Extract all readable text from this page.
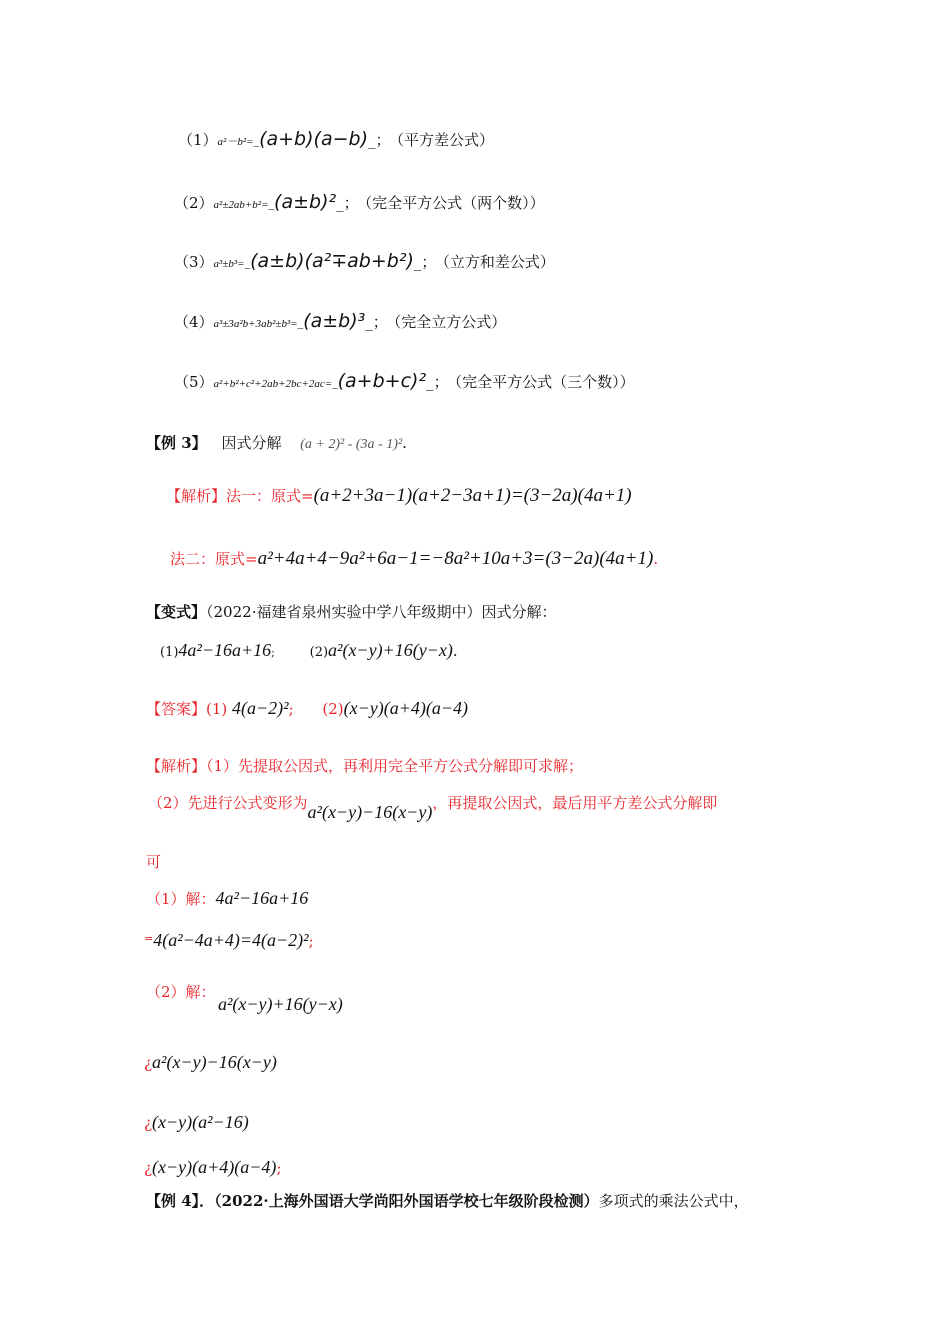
（1）a²－b²=_(a+b)(a−b)_； （平方差公式）
（2）a²±2ab+b²=_(a±b)²_； （完全平方公式（两个数））
（3）a³±b³=_(a±b)(a²∓ab+b²)_； （立方和差公式）
（4）a³±3a²b+3ab²±b³=_(a±b)³_； （完全立方公式）
（5）a²+b²+c²+2ab+2bc+2ac=_(a+b+c)²_； （完全平方公式（三个数））
【例 3】 因式分解 (a + 2)² - (3a - 1)².
【解析】法一：原式=(a+2+3a−1)(a+2−3a+1)=(3−2a)(4a+1)
法二：原式=a²+4a+4−9a²+6a−1=−8a²+10a+3=(3−2a)(4a+1).
【变式】（2022·福建省泉州实验中学八年级期中）因式分解：
(1)4a²−16a+16;	(2)a²(x−y)+16(y−x).
【答案】(1) 4(a−2)²; (2)(x−y)(a+4)(a−4)
【解析】（1）先提取公因式，再利用完全平方公式分解即可求解；
（2）先进行公式变形为a²(x−y)−16(x−y)，再提取公因式，最后用平方差公式分解即
可
（1）解：4a²−16a+16
=4(a²−4a+4)=4(a−2)²;
（2）解：
a²(x−y)+16(y−x)
¿a²(x−y)−16(x−y)
¿(x−y)(a²−16)
¿(x−y)(a+4)(a−4);
【例 4】．（2022·上海外国语大学尚阳外国语学校七年级阶段检测）多项式的乘法公式中，
